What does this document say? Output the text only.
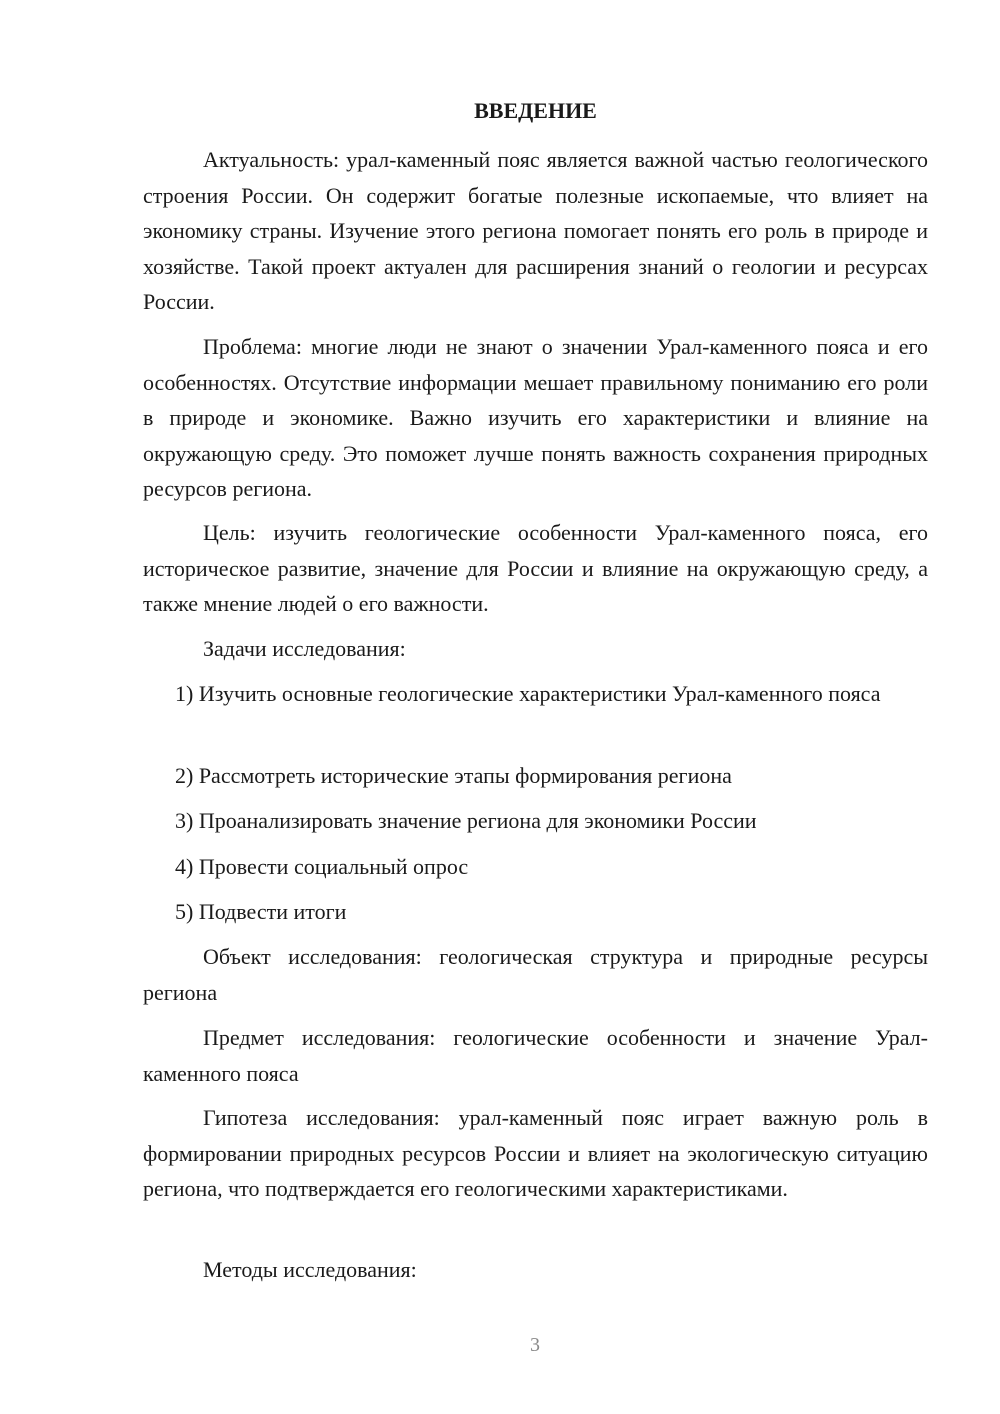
ВВЕДЕНИЕ
Актуальность: урал-каменный пояс является важной частью геологического строения России. Он содержит богатые полезные ископаемые, что влияет на экономику страны. Изучение этого региона помогает понять его роль в природе и хозяйстве. Такой проект актуален для расширения знаний о геологии и ресурсах России.
Проблема: многие люди не знают о значении Урал-каменного пояса и его особенностях. Отсутствие информации мешает правильному пониманию его роли в природе и экономике. Важно изучить его характеристики и влияние на окружающую среду. Это поможет лучше понять важность сохранения природных ресурсов региона.
Цель: изучить геологические особенности Урал-каменного пояса, его историческое развитие, значение для России и влияние на окружающую среду, а также мнение людей о его важности.
Задачи исследования:
1) Изучить основные геологические характеристики Урал-каменного пояса
2) Рассмотреть исторические этапы формирования региона
3) Проанализировать значение региона для экономики России
4) Провести социальный опрос
5) Подвести итоги
Объект исследования: геологическая структура и природные ресурсы региона
Предмет исследования: геологические особенности и значение Урал-каменного пояса
Гипотеза исследования: урал-каменный пояс играет важную роль в формировании природных ресурсов России и влияет на экологическую ситуацию региона, что подтверждается его геологическими характеристиками.
Методы исследования:
3
